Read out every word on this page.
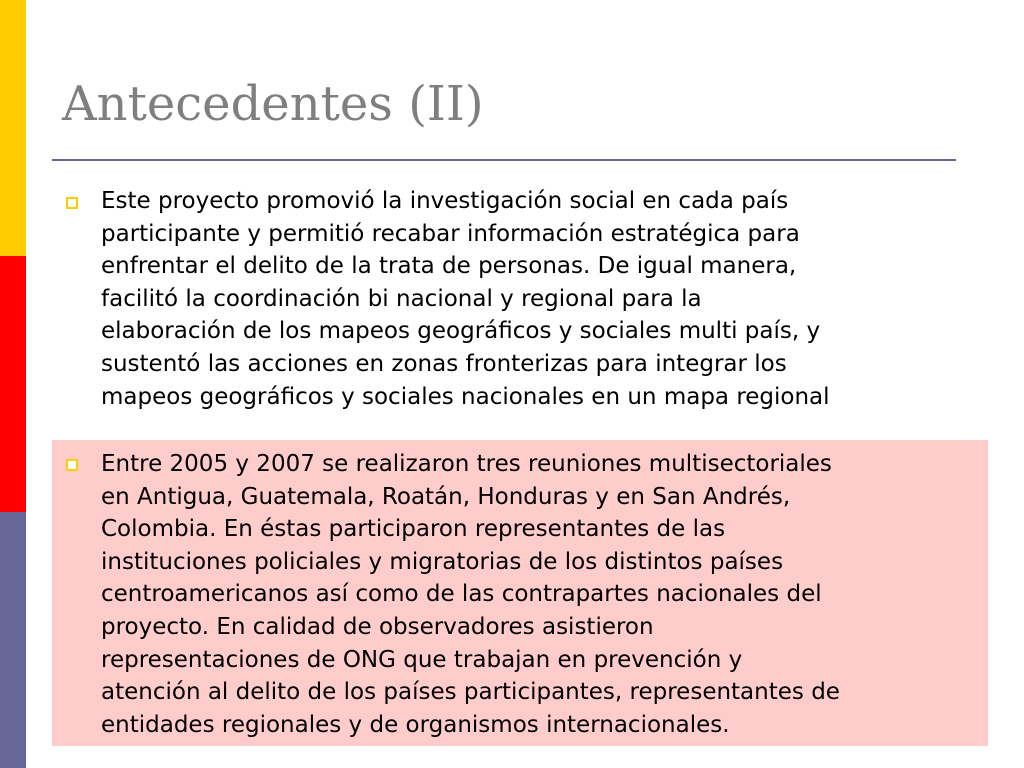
Antecedentes (II)

Este proyecto promovió la investigación social en cada país
participante y permitió recabar información estratégica para
enfrentar el delito de la trata de personas. De igual manera,
facilitó la coordinación bi nacional y regional para la
elaboración de los mapeos geográficos y sociales multi país, y
sustentó las acciones en zonas fronterizas para integrar los
mapeos geográficos y sociales nacionales en un mapa regional

Entre 2005 y 2007 se realizaron tres reuniones multisectoriales
en Antigua, Guatemala, Roatán, Honduras y en San Andrés,
Colombia. En éstas participaron representantes de las
instituciones policiales y migratorias de los distintos países
centroamericanos así como de las contrapartes nacionales del
proyecto. En calidad de observadores asistieron
representaciones de ONG que trabajan en prevención y
atención al delito de los países participantes, representantes de
entidades regionales y de organismos internacionales.
